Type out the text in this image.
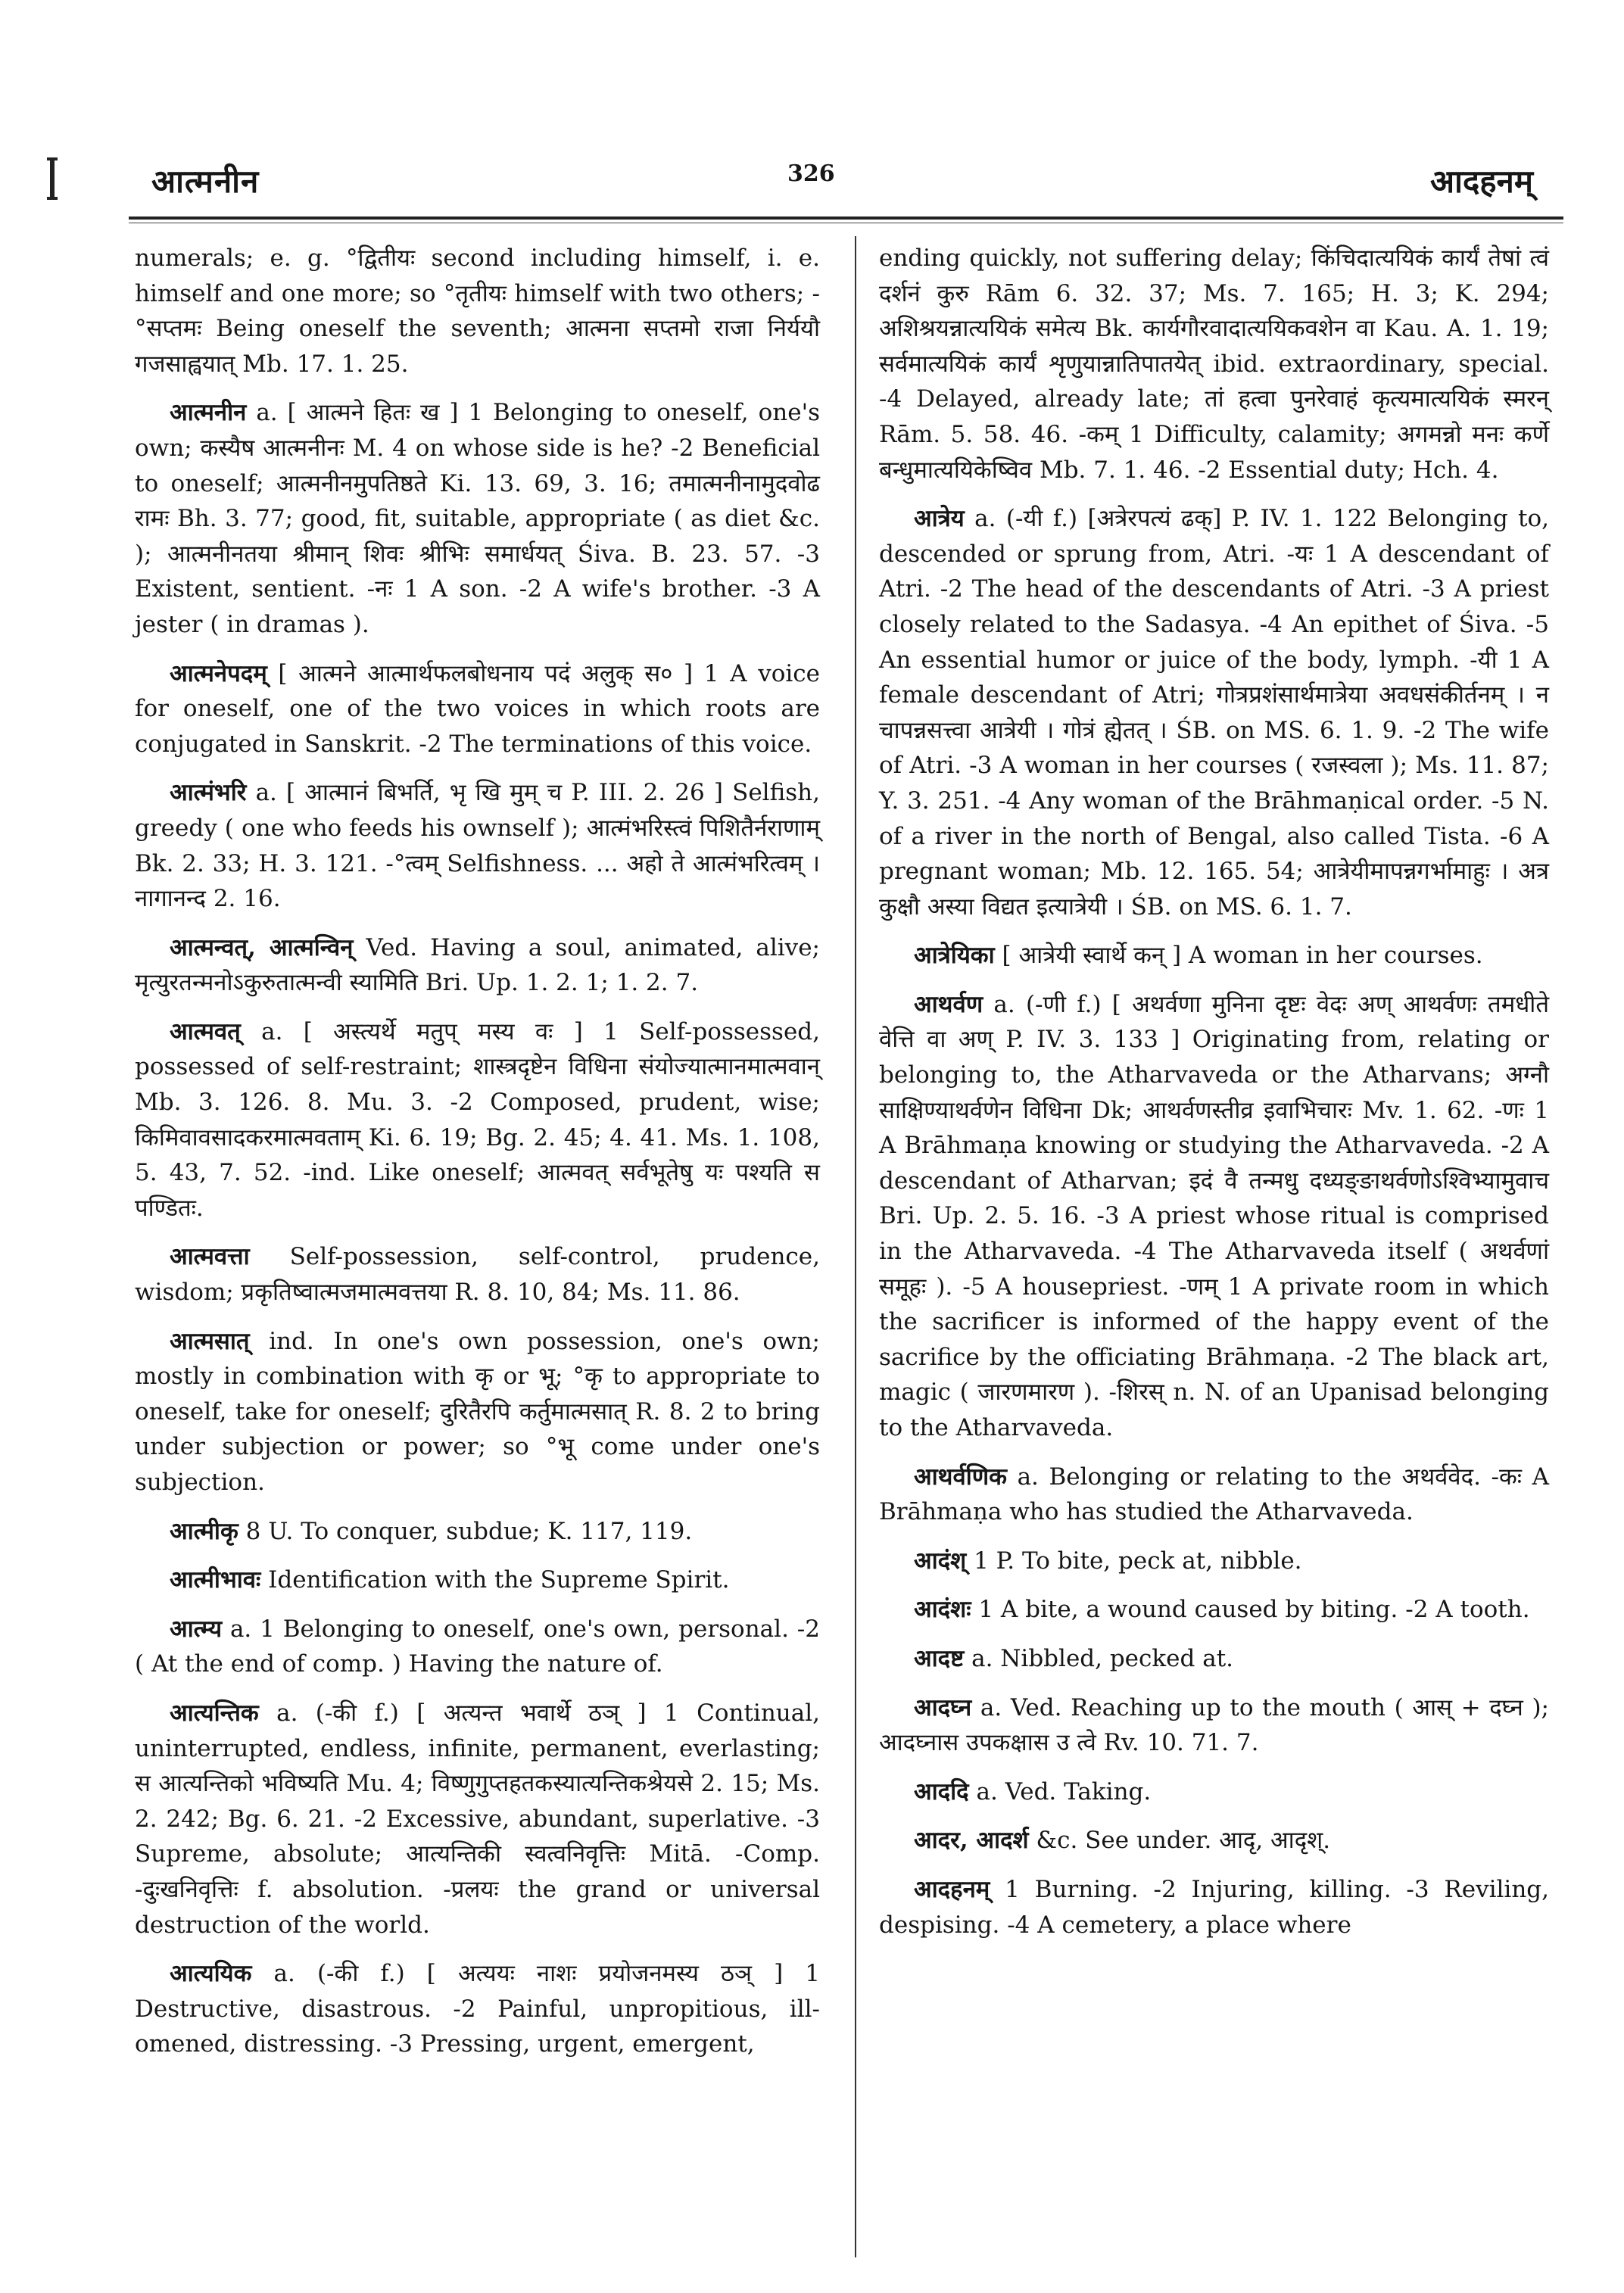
आत्मनीन	326	आदहनम्

numerals; e. g. °द्वितीयः second including himself, i. e. himself and one more; so °तृतीयः himself with two others; -°सप्तमः Being oneself the seventh; आत्मना सप्तमो राजा निर्ययौ गजसाह्वयात् Mb. 17. 1. 25.

आत्मनीन a. [ आत्मने हितः ख ] 1 Belonging to oneself, one's own; कस्यैष आत्मनीनः M. 4 on whose side is he? -2 Beneficial to oneself; आत्मनीनमुपतिष्ठते Ki. 13. 69, 3. 16; तमात्मनीनामुदवोढ रामः Bh. 3. 77; good, fit, suitable, appropriate ( as diet &c. ); आत्मनीनतया श्रीमान् शिवः श्रीभिः समार्धयत् Śiva. B. 23. 57. -3 Existent, sentient. -नः 1 A son. -2 A wife's brother. -3 A jester ( in dramas ).

आत्मनेपदम् [ आत्मने आत्मार्थफलबोधनाय पदं अलुक् स० ] 1 A voice for oneself, one of the two voices in which roots are conjugated in Sanskrit. -2 The terminations of this voice.

आत्मंभरि a. [ आत्मानं बिभर्ति, भृ खि मुम् च P. III. 2. 26 ] Selfish, greedy ( one who feeds his ownself ); आत्मंभरिस्त्वं पिशितैर्नराणाम् Bk. 2. 33; H. 3. 121. -°त्वम् Selfishness. ... अहो ते आत्मंभरित्वम् । नागानन्द 2. 16.

आत्मन्वत्, आत्मन्विन् Ved. Having a soul, animated, alive; मृत्युरतन्मनोऽकुरुतात्मन्वी स्यामिति Bri. Up. 1. 2. 1; 1. 2. 7.

आत्मवत् a. [ अस्त्यर्थे मतुप् मस्य वः ] 1 Self-possessed, possessed of self-restraint; शास्त्रदृष्टेन विधिना संयोज्यात्मानमात्मवान् Mb. 3. 126. 8. Mu. 3. -2 Composed, prudent, wise; किमिवावसादकरमात्मवताम् Ki. 6. 19; Bg. 2. 45; 4. 41. Ms. 1. 108, 5. 43, 7. 52. -ind. Like oneself; आत्मवत् सर्वभूतेषु यः पश्यति स पण्डितः.

आत्मवत्ता Self-possession, self-control, prudence, wisdom; प्रकृतिष्वात्मजमात्मवत्तया R. 8. 10, 84; Ms. 11. 86.

आत्मसात् ind. In one's own possession, one's own; mostly in combination with कृ or भू; °कृ to appropriate to oneself, take for oneself; दुरितैरपि कर्तुमात्मसात् R. 8. 2 to bring under subjection or power; so °भू come under one's subjection.

आत्मीकृ 8 U. To conquer, subdue; K. 117, 119.

आत्मीभावः Identification with the Supreme Spirit.

आत्म्य a. 1 Belonging to oneself, one's own, personal. -2 ( At the end of comp. ) Having the nature of.

आत्यन्तिक a. (-की f.) [ अत्यन्त भवार्थे ठञ् ] 1 Continual, uninterrupted, endless, infinite, permanent, everlasting; स आत्यन्तिको भविष्यति Mu. 4; विष्णुगुप्तहतकस्यात्यन्तिकश्रेयसे 2. 15; Ms. 2. 242; Bg. 6. 21. -2 Excessive, abundant, superlative. -3 Supreme, absolute; आत्यन्तिकी स्वत्वनिवृत्तिः Mitā. -Comp. -दुःखनिवृत्तिः f. absolution. -प्रलयः the grand or universal destruction of the world.

आत्ययिक a. (-की f.) [ अत्ययः नाशः प्रयोजनमस्य ठञ् ] 1 Destructive, disastrous. -2 Painful, unpropitious, ill-omened, distressing. -3 Pressing, urgent, emergent,

ending quickly, not suffering delay; किंचिदात्ययिकं कार्यं तेषां त्वं दर्शनं कुरु Rām 6. 32. 37; Ms. 7. 165; H. 3; K. 294; अशिश्रयन्नात्ययिकं समेत्य Bk. कार्यगौरवादात्ययिकवशेन वा Kau. A. 1. 19; सर्वमात्ययिकं कार्यं शृणुयान्नातिपातयेत् ibid. extraordinary, special. -4 Delayed, already late; तां हत्वा पुनरेवाहं कृत्यमात्ययिकं स्मरन् Rām. 5. 58. 46. -कम् 1 Difficulty, calamity; अगमन्नो मनः कर्णे बन्धुमात्ययिकेष्विव Mb. 7. 1. 46. -2 Essential duty; Hch. 4.

आत्रेय a. (-यी f.) [अत्रेरपत्यं ढक्] P. IV. 1. 122 Belonging to, descended or sprung from, Atri. -यः 1 A descendant of Atri. -2 The head of the descendants of Atri. -3 A priest closely related to the Sadasya. -4 An epithet of Śiva. -5 An essential humor or juice of the body, lymph. -यी 1 A female descendant of Atri; गोत्रप्रशंसार्थमात्रेया अवधसंकीर्तनम् । न चापन्नसत्त्वा आत्रेयी । गोत्रं ह्येतत् । ŚB. on MS. 6. 1. 9. -2 The wife of Atri. -3 A woman in her courses ( रजस्वला ); Ms. 11. 87; Y. 3. 251. -4 Any woman of the Brāhmaṇical order. -5 N. of a river in the north of Bengal, also called Tista. -6 A pregnant woman; Mb. 12. 165. 54; आत्रेयीमापन्नगर्भामाहुः । अत्र कुक्षौ अस्या विद्यत इत्यात्रेयी । ŚB. on MS. 6. 1. 7.

आत्रेयिका [ आत्रेयी स्वार्थे कन् ] A woman in her courses.

आथर्वण a. (-णी f.) [ अथर्वणा मुनिना दृष्टः वेदः अण् आथर्वणः तमधीते वेत्ति वा अण् P. IV. 3. 133 ] Originating from, relating or belonging to, the Atharvaveda or the Atharvans; अग्नौ साक्षिण्याथर्वणेन विधिना Dk; आथर्वणस्तीव्र इवाभिचारः Mv. 1. 62. -णः 1 A Brāhmaṇa knowing or studying the Atharvaveda. -2 A descendant of Atharvan; इदं वै तन्मधु दध्यङ्ङाथर्वणोऽश्विभ्यामुवाच Bri. Up. 2. 5. 16. -3 A priest whose ritual is comprised in the Atharvaveda. -4 The Atharvaveda itself ( अथर्वणां समूहः ). -5 A housepriest. -णम् 1 A private room in which the sacrificer is informed of the happy event of the sacrifice by the officiating Brāhmaṇa. -2 The black art, magic ( जारणमारण ). -शिरस् n. N. of an Upanisad belonging to the Atharvaveda.

आथर्वणिक a. Belonging or relating to the अथर्ववेद. -कः A Brāhmaṇa who has studied the Atharvaveda.

आदंश् 1 P. To bite, peck at, nibble.

आदंशः 1 A bite, a wound caused by biting. -2 A tooth.

आदष्ट a. Nibbled, pecked at.

आदघ्न a. Ved. Reaching up to the mouth ( आस् + दघ्न ); आदघ्नास उपकक्षास उ त्वे Rv. 10. 71. 7.

आददि a. Ved. Taking.

आदर, आदर्श &c. See under. आदृ, आदृश्.

आदहनम् 1 Burning. -2 Injuring, killing. -3 Reviling, despising. -4 A cemetery, a place where
